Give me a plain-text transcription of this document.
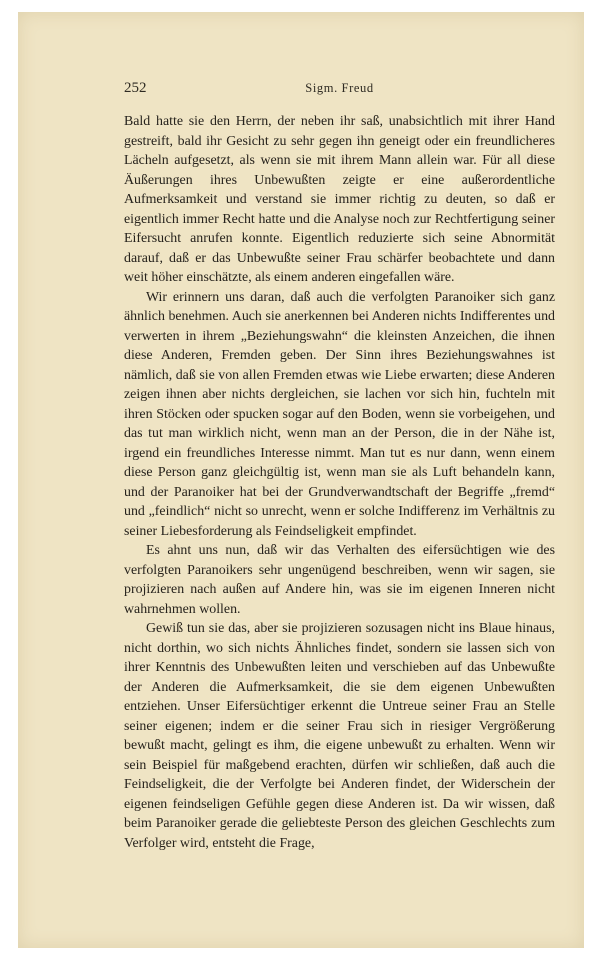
252	Sigm. Freud

Bald hatte sie den Herrn, der neben ihr saß, unabsichtlich mit ihrer Hand gestreift, bald ihr Gesicht zu sehr gegen ihn geneigt oder ein freundlicheres Lächeln aufgesetzt, als wenn sie mit ihrem Mann allein war. Für all diese Äußerungen ihres Unbewußten zeigte er eine außerordentliche Aufmerksamkeit und verstand sie immer richtig zu deuten, so daß er eigentlich immer Recht hatte und die Analyse noch zur Rechtfertigung seiner Eifersucht anrufen konnte. Eigentlich reduzierte sich seine Abnormität darauf, daß er das Unbewußte seiner Frau schärfer beobachtete und dann weit höher einschätzte, als einem anderen eingefallen wäre.

Wir erinnern uns daran, daß auch die verfolgten Paranoiker sich ganz ähnlich benehmen. Auch sie anerkennen bei Anderen nichts Indifferentes und verwerten in ihrem „Beziehungswahn“ die kleinsten Anzeichen, die ihnen diese Anderen, Fremden geben. Der Sinn ihres Beziehungswahnes ist nämlich, daß sie von allen Fremden etwas wie Liebe erwarten; diese Anderen zeigen ihnen aber nichts dergleichen, sie lachen vor sich hin, fuchteln mit ihren Stöcken oder spucken sogar auf den Boden, wenn sie vorbeigehen, und das tut man wirklich nicht, wenn man an der Person, die in der Nähe ist, irgend ein freundliches Interesse nimmt. Man tut es nur dann, wenn einem diese Person ganz gleichgültig ist, wenn man sie als Luft behandeln kann, und der Paranoiker hat bei der Grundverwandtschaft der Begriffe „fremd“ und „feindlich“ nicht so unrecht, wenn er solche Indifferenz im Verhältnis zu seiner Liebesforderung als Feindseligkeit empfindet.

Es ahnt uns nun, daß wir das Verhalten des eifersüchtigen wie des verfolgten Paranoikers sehr ungenügend beschreiben, wenn wir sagen, sie projizieren nach außen auf Andere hin, was sie im eigenen Inneren nicht wahrnehmen wollen.

Gewiß tun sie das, aber sie projizieren sozusagen nicht ins Blaue hinaus, nicht dorthin, wo sich nichts Ähnliches findet, sondern sie lassen sich von ihrer Kenntnis des Unbewußten leiten und verschieben auf das Unbewußte der Anderen die Aufmerksamkeit, die sie dem eigenen Unbewußten entziehen. Unser Eifersüchtiger erkennt die Untreue seiner Frau an Stelle seiner eigenen; indem er die seiner Frau sich in riesiger Vergrößerung bewußt macht, gelingt es ihm, die eigene unbewußt zu erhalten. Wenn wir sein Beispiel für maßgebend erachten, dürfen wir schließen, daß auch die Feindseligkeit, die der Verfolgte bei Anderen findet, der Widerschein der eigenen feindseligen Gefühle gegen diese Anderen ist. Da wir wissen, daß beim Paranoiker gerade die geliebteste Person des gleichen Geschlechts zum Verfolger wird, entsteht die Frage,
